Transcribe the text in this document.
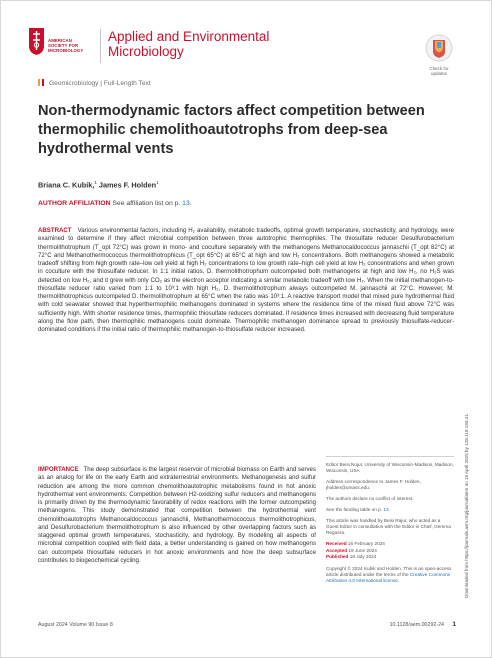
AMERICAN
SOCIETY FOR
MICROBIOLOGY
Applied and Environmental
Microbiology
Check for
updates
Geomicrobiology | Full-Length Text
Non-thermodynamic factors affect competition between thermophilic chemolithoautotrophs from deep-sea hydrothermal vents
Briana C. Kubik,$^1$ James F. Holden$^1$
AUTHOR AFFILIATION See affiliation list on p. 13.

ABSTRACT Various environmental factors, including H₂ availability, metabolic tradeoffs, optimal growth temperature, stochasticity, and hydrology, were examined to determine if they affect microbial competition between three autotrophic thermophiles. The thiosulfate reducer Desulfurobacterium thermolithotrophum (T_opt 72°C) was grown in mono- and coculture separately with the methanogens Methanocaldococcus jannaschii (T_opt 82°C) at 72°C and Methanothermococcus thermolithotrophicus (T_opt 65°C) at 65°C at high and low H₂ concentrations. Both methanogens showed a metabolic tradeoff shifting from high growth rate–low cell yield at high H₂ concentrations to low growth rate–high cell yield at low H₂ concentrations and when grown in coculture with the thiosulfate reducer. In 1:1 initial ratios, D. thermolithotrophum outcompeted both methanogens at high and low H₂, no H₂S was detected on low H₂, and it grew with only CO₂ as the electron acceptor indicating a similar metabolic tradeoff with low H₂. When the initial methanogen-to-thiosulfate reducer ratio varied from 1:1 to 10³:1 with high H₂, D. thermolithotrophum always outcompeted M. jannaschii at 72°C. However, M. thermolithotrophicus outcompeted D. thermolithotrophum at 65°C when the ratio was 10³:1. A reactive transport model that mixed pure hydrothermal fluid with cold seawater showed that hyperthermophilic methanogens dominated in systems where the residence time of the mixed fluid above 72°C was sufficiently high. With shorter residence times, thermophilic thiosulfate reducers dominated. If residence times increased with decreasing fluid temperature along the flow path, then thermophilic methanogens could dominate. Thermophilic methanogen dominance spread to previously thiosulfate-reducer-dominated conditions if the initial ratio of thermophilic methanogen-to-thiosulfate reducer increased.

IMPORTANCE The deep subsurface is the largest reservoir of microbial biomass on Earth and serves as an analog for life on the early Earth and extraterrestrial environments. Methanogenesis and sulfur reduction are among the more common chemolithoautotrophic metabolisms found in hot anoxic hydrothermal vent environments. Competition between H2-oxidizing sulfur reducers and methanogens is primarily driven by the thermodynamic favorability of redox reactions with the former outcompeting methanogens. This study demonstrated that competition between the hydrothermal vent chemolithoautotrophs Methanocaldococcus jannaschii, Methanothermococcus thermolithotrophicus, and Desulfurobacterium thermolithotrophum is also influenced by other overlapping factors such as staggered optimal growth temperatures, stochasticity, and hydrology. By modeling all aspects of microbial competition coupled with field data, a better understanding is gained on how methanogens can outcompete thiosulfate reducers in hot anoxic environments and how the deep subsurface contributes to biogeochemical cycling.

Editor Beisi Nojur, University of Wisconsin-Madison, Madison, Wisconsin, USA

Address correspondence to James F. Holden, jholden@umass.edu.

The authors declare no conflict of interest.

See the funding table on p. 13.

This article was handled by Beisi Rajur, who acted as a Guest Editor in consultation with the Editor in Chief, Gemma Reguera.

Received 16 February 2024
Accepted 19 June 2024
Published 18 July 2024

Copyright © 2024 Kubik and Holden. This is an open-access article distributed under the terms of the Creative Commons Attribution 4.0 International license.	Downloaded from https://journals.asm.org/journal/aem on 15 April 2025 by 128.119.193.41.
August 2024 Volume 90 Issue 8	10.1128/aem.00292-24 1
